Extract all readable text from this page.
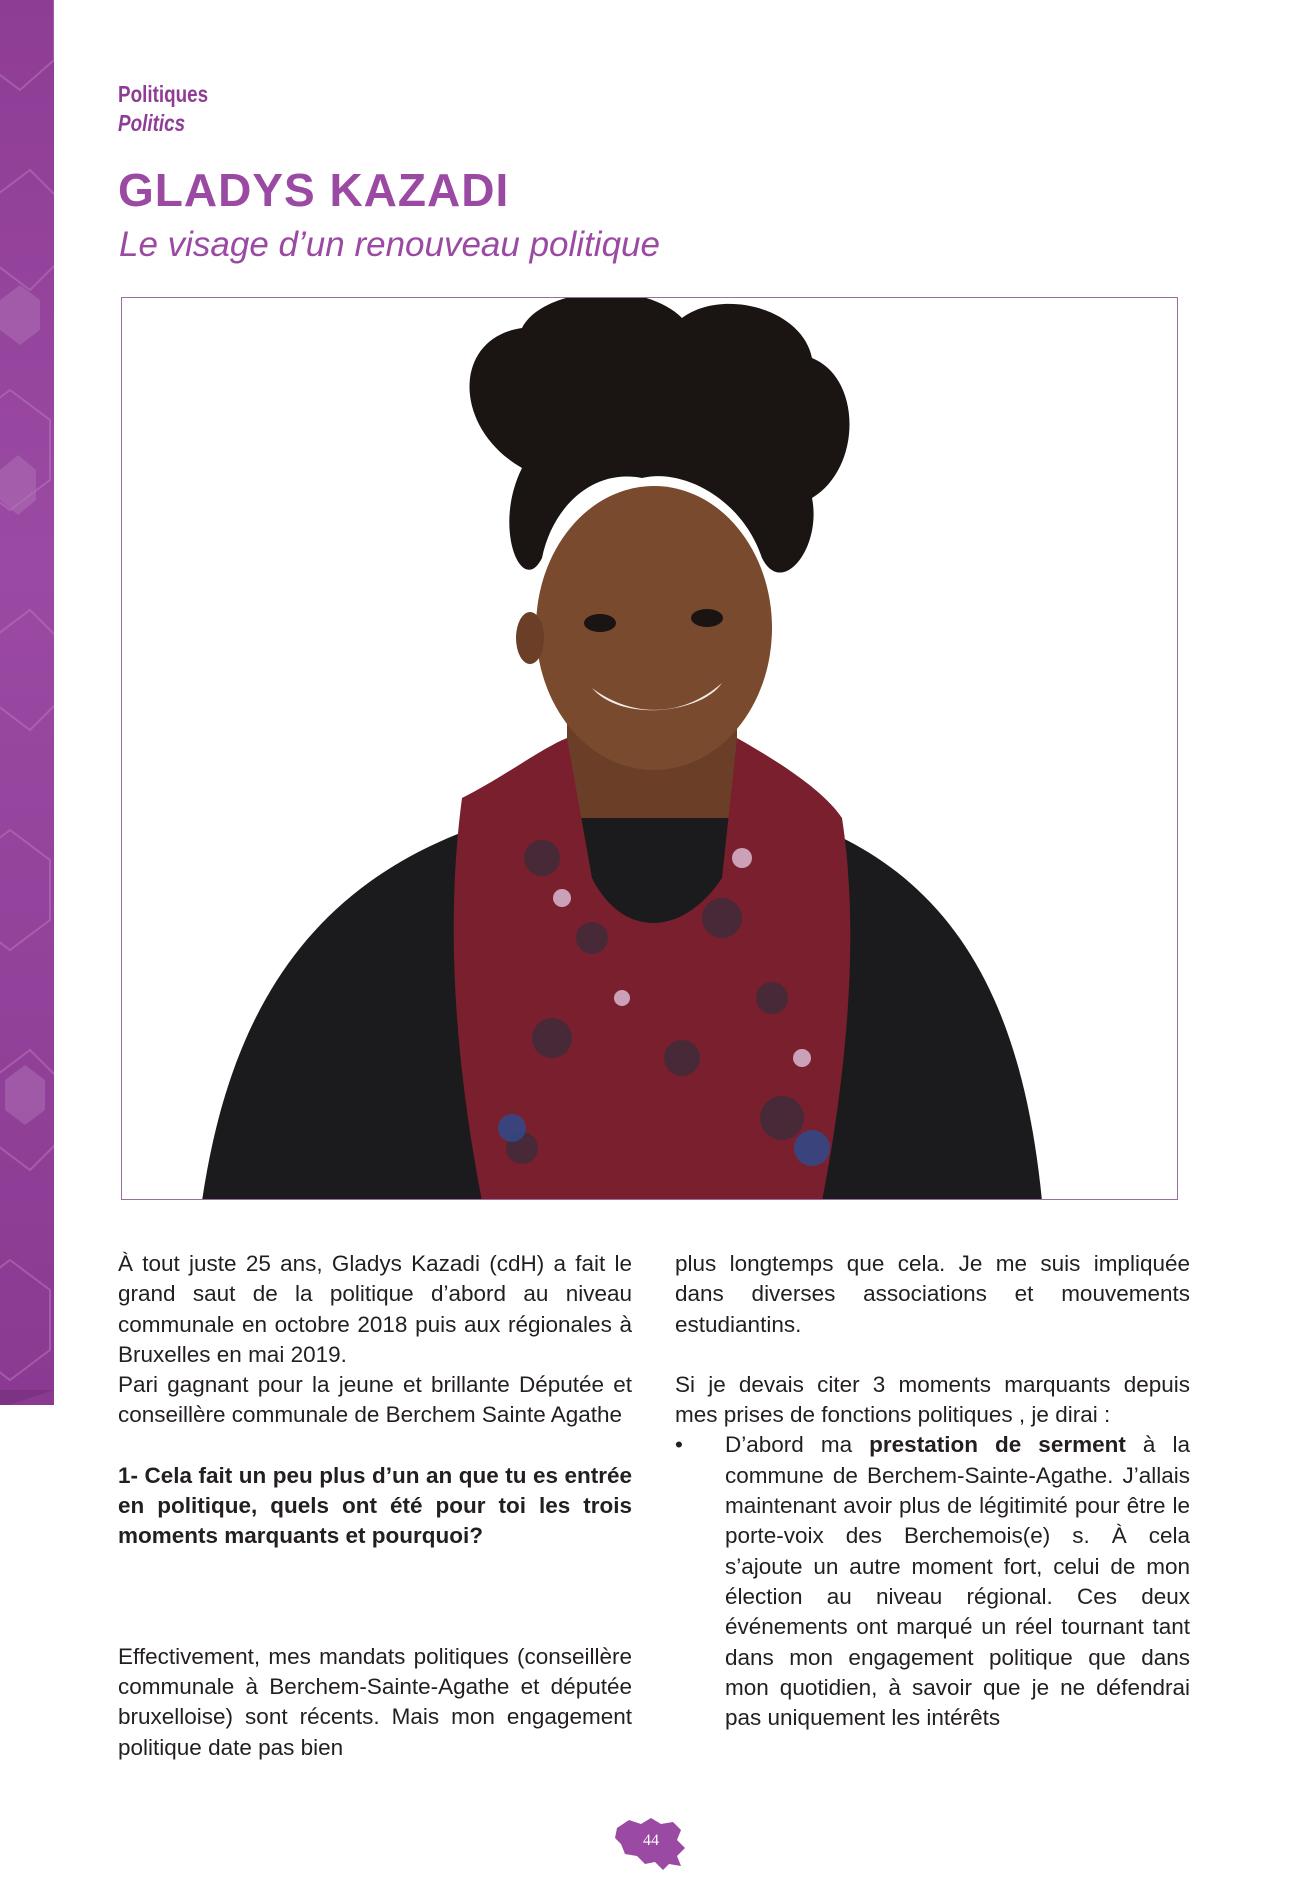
Politiques
Politics
GLADYS KAZADI
Le visage d’un renouveau politique

À tout juste 25 ans, Gladys Kazadi (cdH) a fait le grand saut de la politique d’abord au niveau communale en octobre 2018 puis aux régionales à Bruxelles en mai 2019.

Pari gagnant pour la jeune et brillante Députée et conseillère communale de Berchem Sainte Agathe

1- Cela fait un peu plus d’un an que tu es entrée en politique, quels ont été pour toi les trois moments marquants et pourquoi?

Effectivement, mes mandats politiques (conseillère communale à Berchem-Sainte-Agathe et députée bruxelloise) sont récents. Mais mon engagement politique date pas bien

plus longtemps que cela. Je me suis impliquée dans diverses associations et mouvements estudiantins.

Si je devais citer 3 moments marquants depuis mes prises de fonctions politiques , je dirai :

• D’abord ma prestation de serment à la commune de Berchem-Sainte-Agathe. J’allais maintenant avoir plus de légitimité pour être le porte-voix des Berchemois(e) s. À cela s’ajoute un autre moment fort, celui de mon élection au niveau régional. Ces deux événements ont marqué un réel tournant tant dans mon engagement politique que dans mon quotidien, à savoir que je ne défendrai pas uniquement les intérêts

44
